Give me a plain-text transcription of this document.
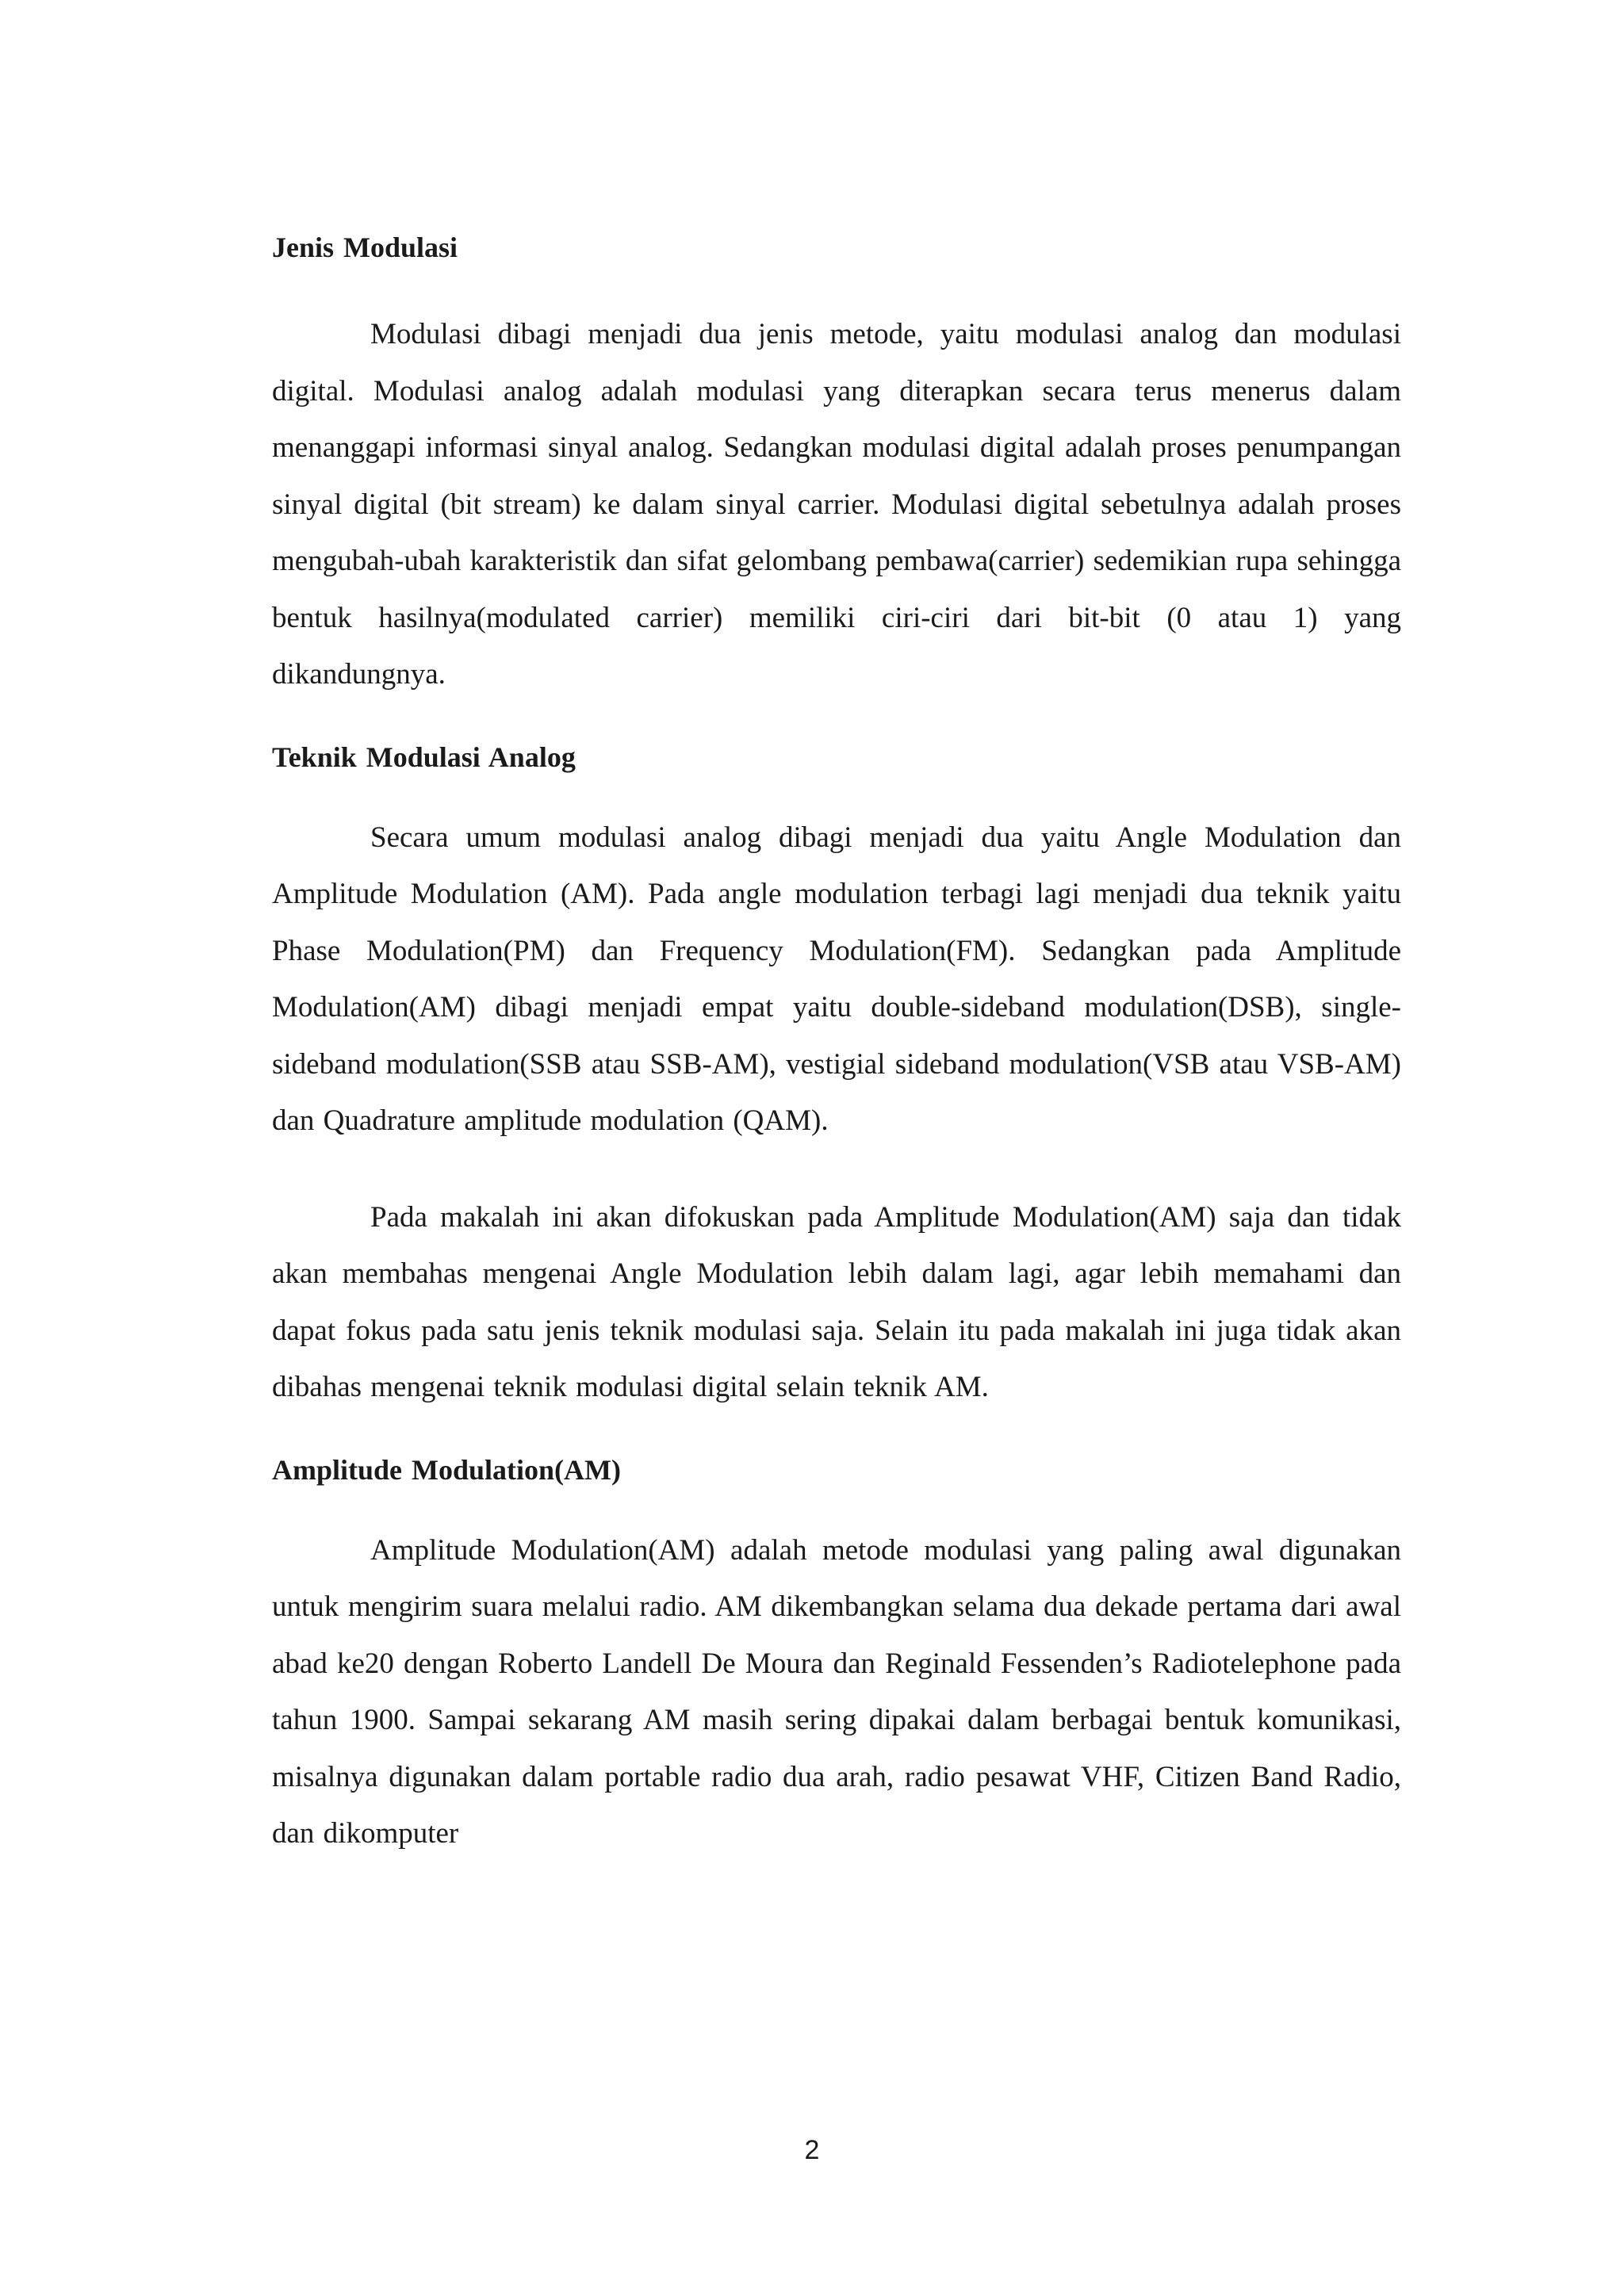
Jenis Modulasi

Modulasi dibagi menjadi dua jenis metode, yaitu modulasi analog dan modulasi digital. Modulasi analog adalah modulasi yang diterapkan secara terus menerus dalam menanggapi informasi sinyal analog. Sedangkan modulasi digital adalah proses penumpangan sinyal digital (bit stream) ke dalam sinyal carrier. Modulasi digital sebetulnya adalah proses mengubah-ubah karakteristik dan sifat gelombang pembawa(carrier) sedemikian rupa sehingga bentuk hasilnya(modulated carrier) memiliki ciri-ciri dari bit-bit (0 atau 1) yang dikandungnya.

Teknik Modulasi Analog

Secara umum modulasi analog dibagi menjadi dua yaitu Angle Modulation dan Amplitude Modulation (AM). Pada angle modulation terbagi lagi menjadi dua teknik yaitu Phase Modulation(PM) dan Frequency Modulation(FM). Sedangkan pada Amplitude Modulation(AM) dibagi menjadi empat yaitu double-sideband modulation(DSB), single-sideband modulation(SSB atau SSB-AM), vestigial sideband modulation(VSB atau VSB-AM) dan Quadrature amplitude modulation (QAM).

Pada makalah ini akan difokuskan pada Amplitude Modulation(AM) saja dan tidak akan membahas mengenai Angle Modulation lebih dalam lagi, agar lebih memahami dan dapat fokus pada satu jenis teknik modulasi saja. Selain itu pada makalah ini juga tidak akan dibahas mengenai teknik modulasi digital selain teknik AM.

Amplitude Modulation(AM)

Amplitude Modulation(AM) adalah metode modulasi yang paling awal digunakan untuk mengirim suara melalui radio. AM dikembangkan selama dua dekade pertama dari awal abad ke20 dengan Roberto Landell De Moura dan Reginald Fessenden’s Radiotelephone pada tahun 1900. Sampai sekarang AM masih sering dipakai dalam berbagai bentuk komunikasi, misalnya digunakan dalam portable radio dua arah, radio pesawat VHF, Citizen Band Radio, dan dikomputer

2
